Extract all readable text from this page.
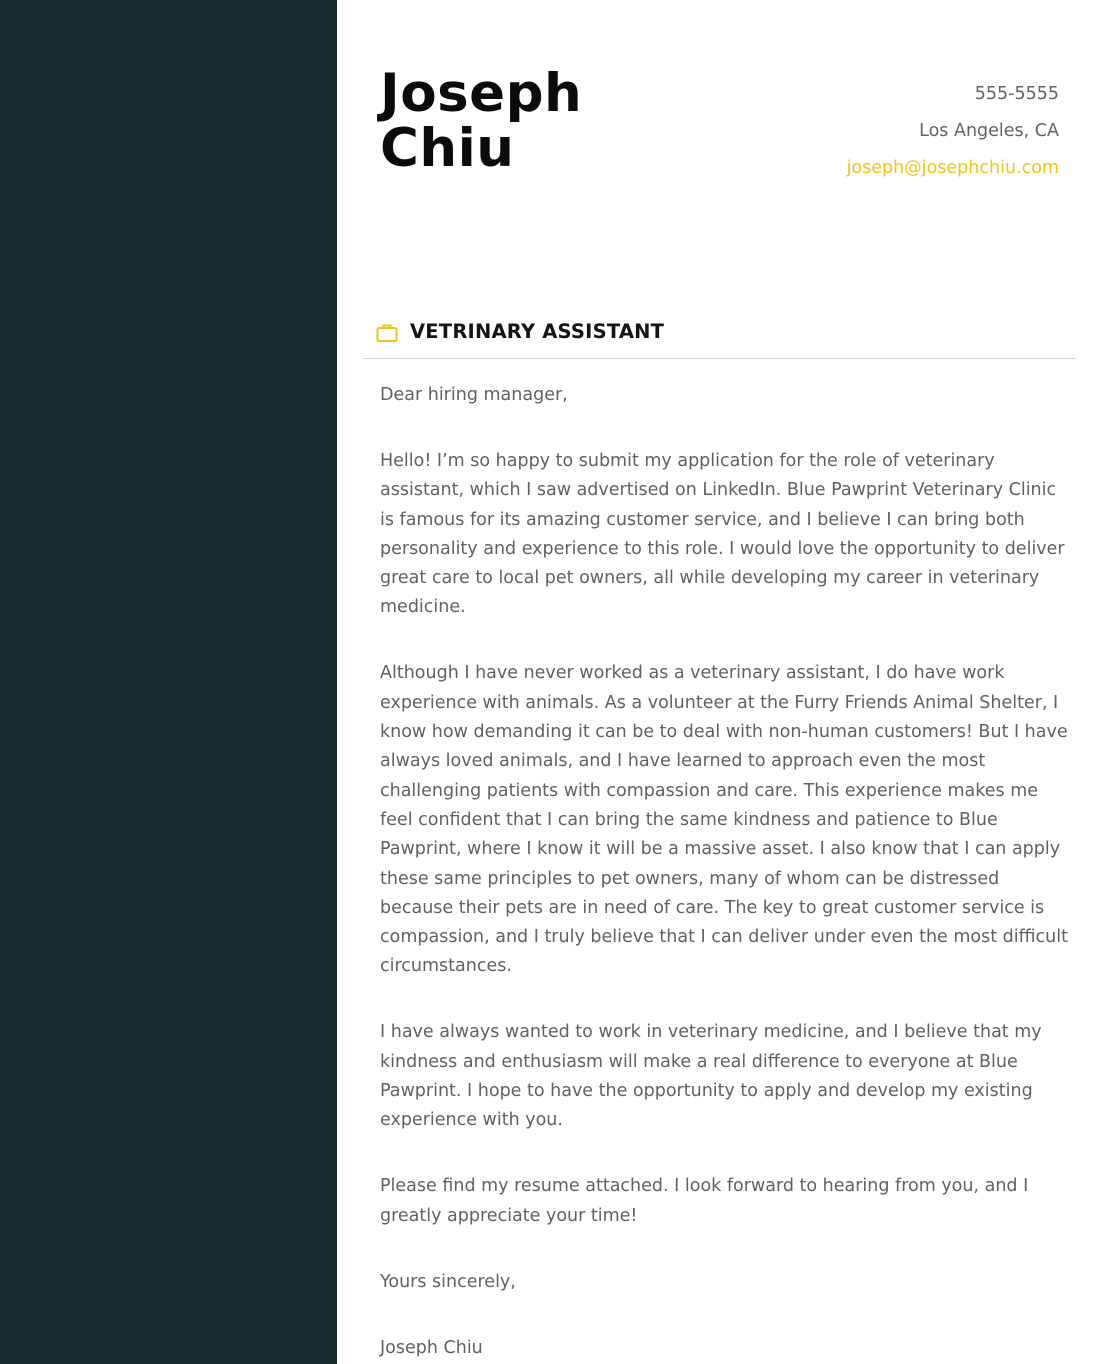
Joseph
Chiu
555-5555
Los Angeles, CA
joseph@josephchiu.com
VETRINARY ASSISTANT

Dear hiring manager,

Hello! I’m so happy to submit my application for the role of veterinary assistant, which I saw advertised on LinkedIn. Blue Pawprint Veterinary Clinic is famous for its amazing customer service, and I believe I can bring both personality and experience to this role. I would love the opportunity to deliver great care to local pet owners, all while developing my career in veterinary medicine.

Although I have never worked as a veterinary assistant, I do have work experience with animals. As a volunteer at the Furry Friends Animal Shelter, I know how demanding it can be to deal with non-human customers! But I have always loved animals, and I have learned to approach even the most challenging patients with compassion and care. This experience makes me feel confident that I can bring the same kindness and patience to Blue Pawprint, where I know it will be a massive asset. I also know that I can apply these same principles to pet owners, many of whom can be distressed because their pets are in need of care. The key to great customer service is compassion, and I truly believe that I can deliver under even the most difficult circumstances.

I have always wanted to work in veterinary medicine, and I believe that my kindness and enthusiasm will make a real difference to everyone at Blue Pawprint. I hope to have the opportunity to apply and develop my existing experience with you.

Please find my resume attached. I look forward to hearing from you, and I greatly appreciate your time!

Yours sincerely,

Joseph Chiu
